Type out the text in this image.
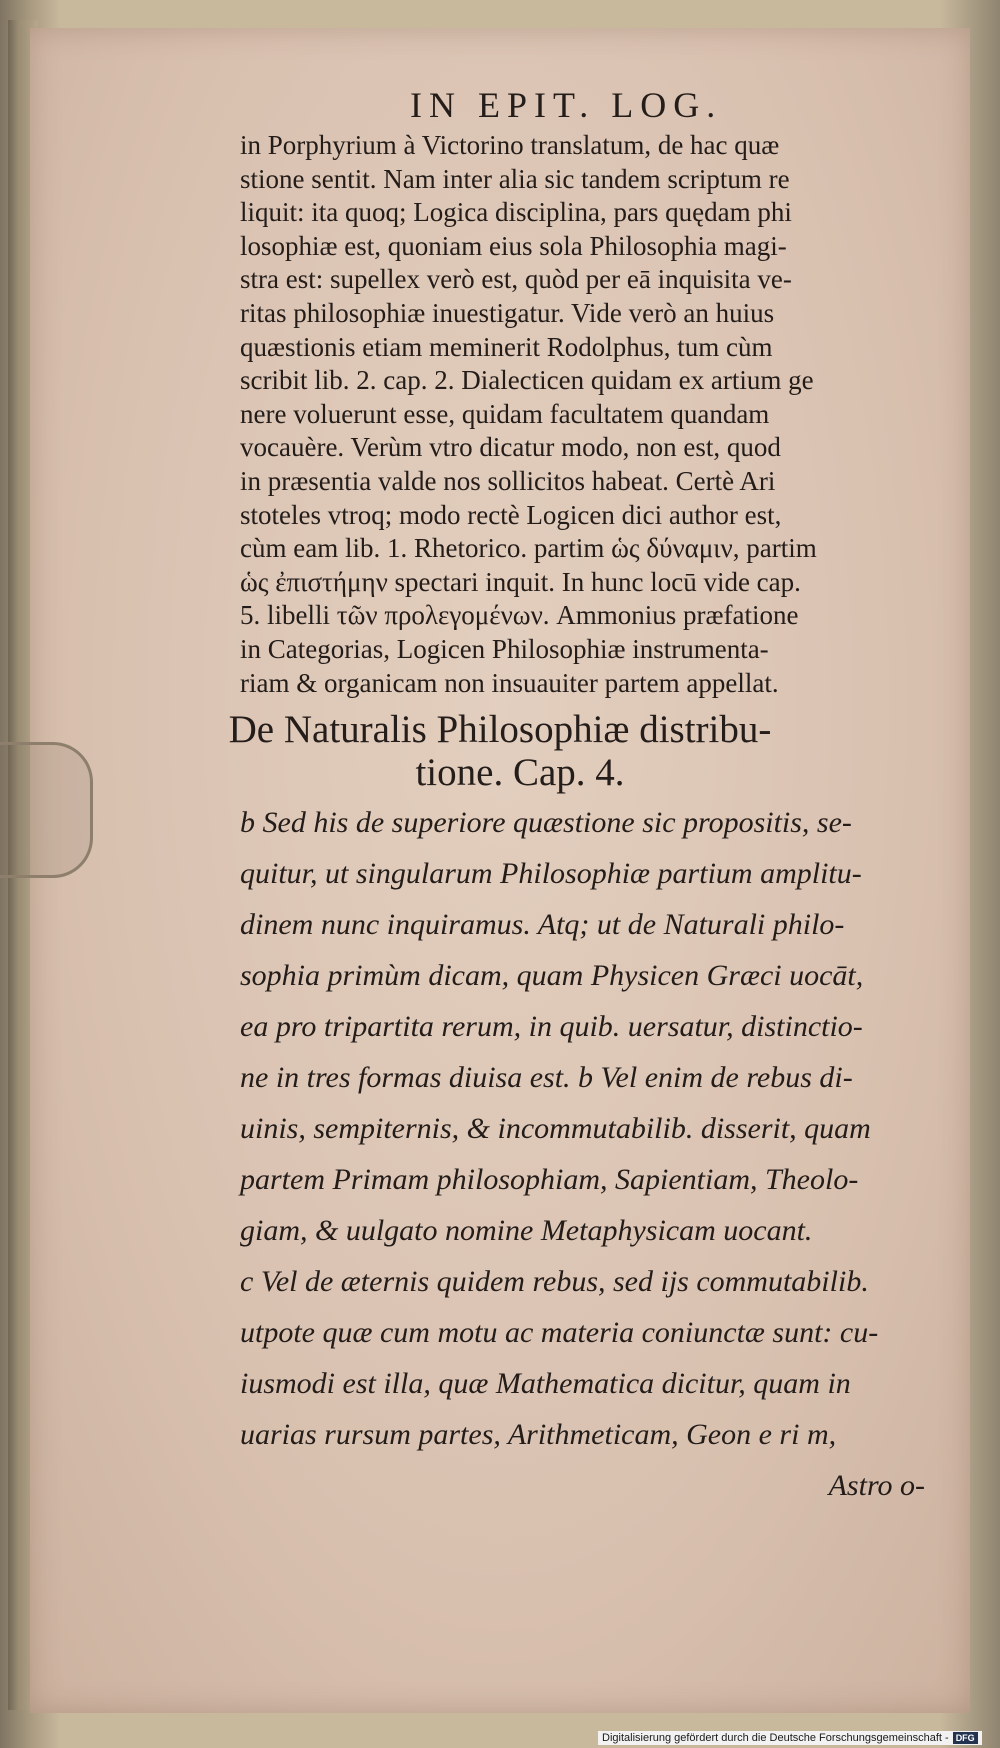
IN EPIT. LOG.
in Porphyrium à Victorino translatum, de hac quæ
stione sentit. Nam inter alia sic tandem scriptum re
liquit: ita quoq; Logica disciplina, pars quędam phi
losophiæ est, quoniam eius sola Philosophia magi-
stra est: supellex verò est, quòd per eā inquisita ve-
ritas philosophiæ inuestigatur. Vide verò an huius
quæstionis etiam meminerit Rodolphus, tum cùm
scribit lib. 2. cap. 2. Dialecticen quidam ex artium ge
nere voluerunt esse, quidam facultatem quandam
vocauère. Verùm vtro dicatur modo, non est, quod
in præsentia valde nos sollicitos habeat. Certè Ari
stoteles vtroq; modo rectè Logicen dici author est,
cùm eam lib. 1. Rhetorico. partim ὡς δύναμιν, partim
ὡς ἐπιστήμην spectari inquit. In hunc locū vide cap.
5. libelli τῶν προλεγομένων. Ammonius præfatione
in Categorias, Logicen Philosophiæ instrumenta-
riam & organicam non insuauiter partem appellat.
De Naturalis Philosophiæ distribu-
tione. Cap. 4.
b Sed his de superiore quæstione sic propositis, se-
quitur, ut singularum Philosophiæ partium amplitu-
dinem nunc inquiramus. Atq; ut de Naturali philo-
sophia primùm dicam, quam Physicen Græci uocāt,
ea pro tripartita rerum, in quib. uersatur, distinctio-
ne in tres formas diuisa est. b Vel enim de rebus di-
uinis, sempiternis, & incommutabilib. disserit, quam
partem Primam philosophiam, Sapientiam, Theolo-
giam, & uulgato nomine Metaphysicam uocant.
c Vel de æternis quidem rebus, sed ijs commutabilib.
utpote quæ cum motu ac materia coniunctæ sunt: cu-
iusmodi est illa, quæ Mathematica dicitur, quam in
uarias rursum partes, Arithmeticam, Geon e ri m,
Astro o-
Digitalisierung gefördert durch die Deutsche Forschungsgemeinschaft - DFG
